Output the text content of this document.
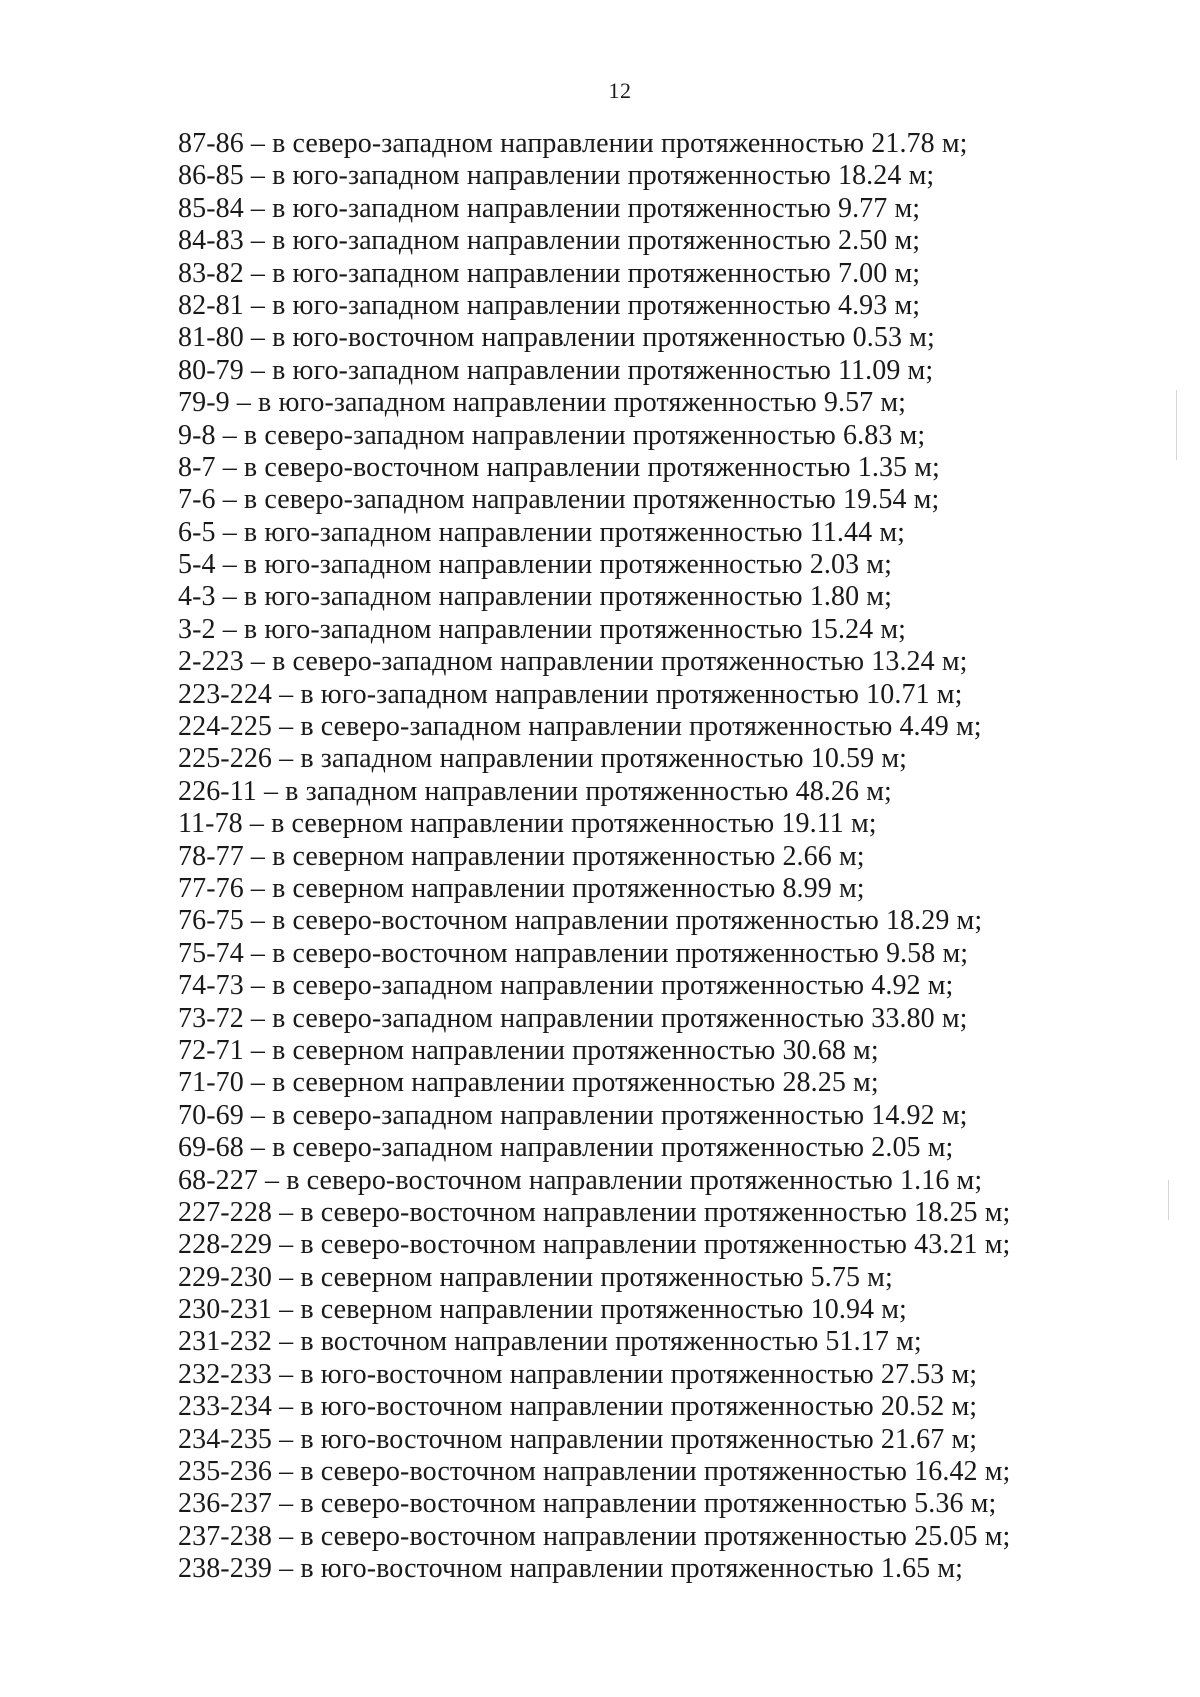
12
87-86 – в северо-западном направлении протяженностью 21.78 м;
86-85 – в юго-западном направлении протяженностью 18.24 м;
85-84 – в юго-западном направлении протяженностью 9.77 м;
84-83 – в юго-западном направлении протяженностью 2.50 м;
83-82 – в юго-западном направлении протяженностью 7.00 м;
82-81 – в юго-западном направлении протяженностью 4.93 м;
81-80 – в юго-восточном направлении протяженностью 0.53 м;
80-79 – в юго-западном направлении протяженностью 11.09 м;
79-9 – в юго-западном направлении протяженностью 9.57 м;
9-8 – в северо-западном направлении протяженностью 6.83 м;
8-7 – в северо-восточном направлении протяженностью 1.35 м;
7-6 – в северо-западном направлении протяженностью 19.54 м;
6-5 – в юго-западном направлении протяженностью 11.44 м;
5-4 – в юго-западном направлении протяженностью 2.03 м;
4-3 – в юго-западном направлении протяженностью 1.80 м;
3-2 – в юго-западном направлении протяженностью 15.24 м;
2-223 – в северо-западном направлении протяженностью 13.24 м;
223-224 – в юго-западном направлении протяженностью 10.71 м;
224-225 – в северо-западном направлении протяженностью 4.49 м;
225-226 – в западном направлении протяженностью 10.59 м;
226-11 – в западном направлении протяженностью 48.26 м;
11-78 – в северном направлении протяженностью 19.11 м;
78-77 – в северном направлении протяженностью 2.66 м;
77-76 – в северном направлении протяженностью 8.99 м;
76-75 – в северо-восточном направлении протяженностью 18.29 м;
75-74 – в северо-восточном направлении протяженностью 9.58 м;
74-73 – в северо-западном направлении протяженностью 4.92 м;
73-72 – в северо-западном направлении протяженностью 33.80 м;
72-71 – в северном направлении протяженностью 30.68 м;
71-70 – в северном направлении протяженностью 28.25 м;
70-69 – в северо-западном направлении протяженностью 14.92 м;
69-68 – в северо-западном направлении протяженностью 2.05 м;
68-227 – в северо-восточном направлении протяженностью 1.16 м;
227-228 – в северо-восточном направлении протяженностью 18.25 м;
228-229 – в северо-восточном направлении протяженностью 43.21 м;
229-230 – в северном направлении протяженностью 5.75 м;
230-231 – в северном направлении протяженностью 10.94 м;
231-232 – в восточном направлении протяженностью 51.17 м;
232-233 – в юго-восточном направлении протяженностью 27.53 м;
233-234 – в юго-восточном направлении протяженностью 20.52 м;
234-235 – в юго-восточном направлении протяженностью 21.67 м;
235-236 – в северо-восточном направлении протяженностью 16.42 м;
236-237 – в северо-восточном направлении протяженностью 5.36 м;
237-238 – в северо-восточном направлении протяженностью 25.05 м;
238-239 – в юго-восточном направлении протяженностью 1.65 м;
